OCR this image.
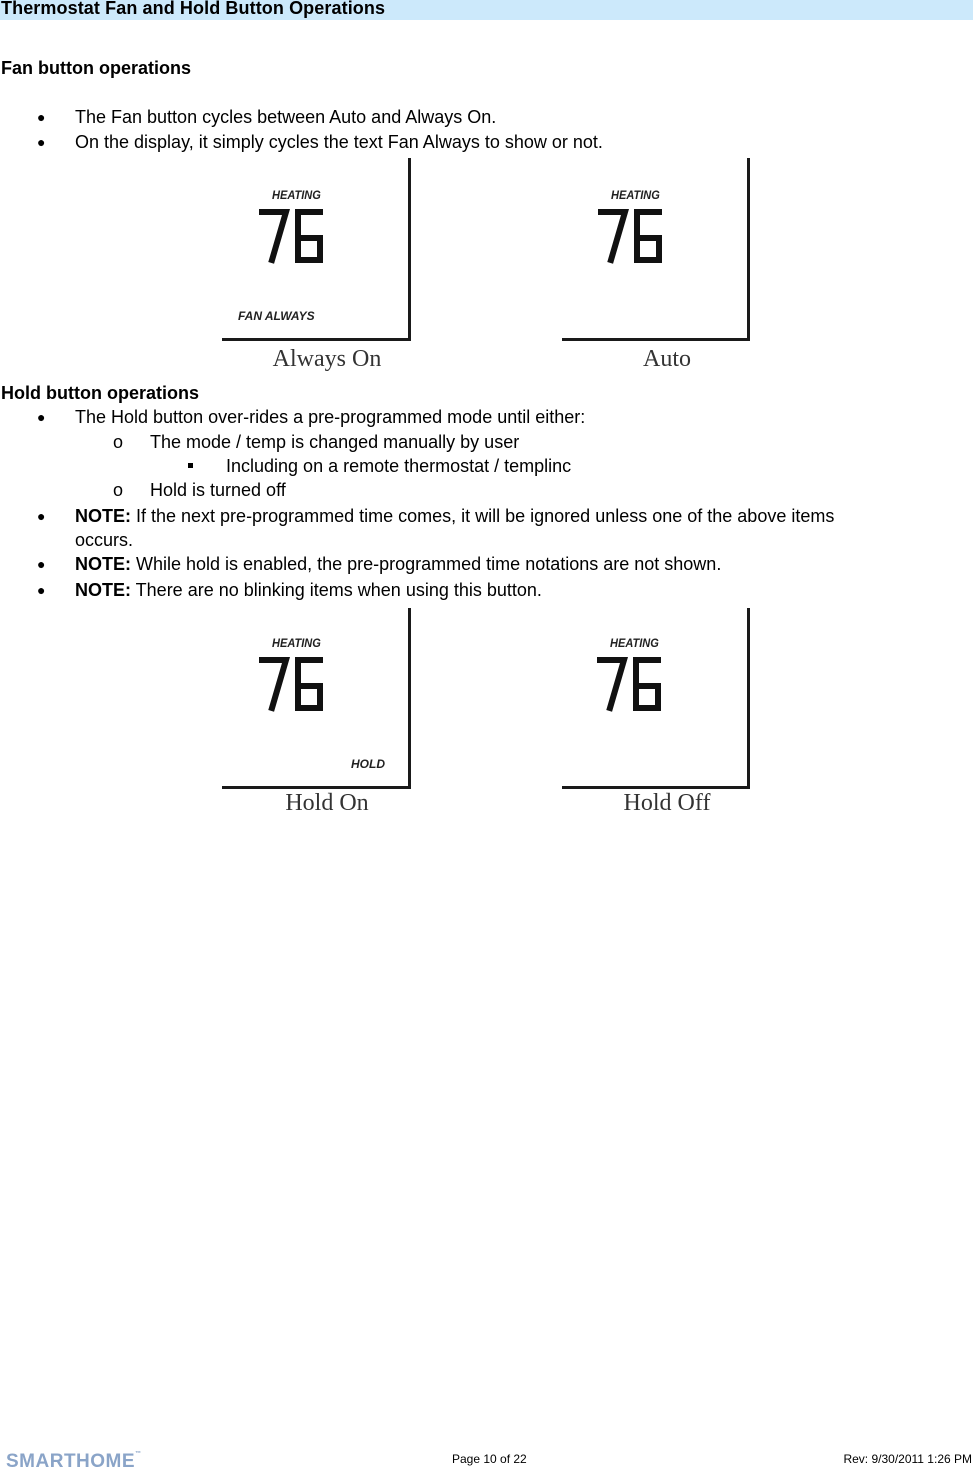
Thermostat Fan and Hold Button Operations
Fan button operations
● The Fan button cycles between Auto and Always On.
● On the display, it simply cycles the text Fan Always to show or not.
HEATING
FAN ALWAYS
Always On
HEATING
Auto
Hold button operations
● The Hold button over-rides a pre-programmed mode until either:
o The mode / temp is changed manually by user
Including on a remote thermostat / templinc
o Hold is turned off
● NOTE: If the next pre-programmed time comes, it will be ignored unless one of the above items
occurs.
● NOTE: While hold is enabled, the pre-programmed time notations are not shown.
● NOTE: There are no blinking items when using this button.
HEATING
HOLD
Hold On
HEATING
Hold Off
SMARTHOME™	Page 10 of 22	Rev: 9/30/2011 1:26 PM
